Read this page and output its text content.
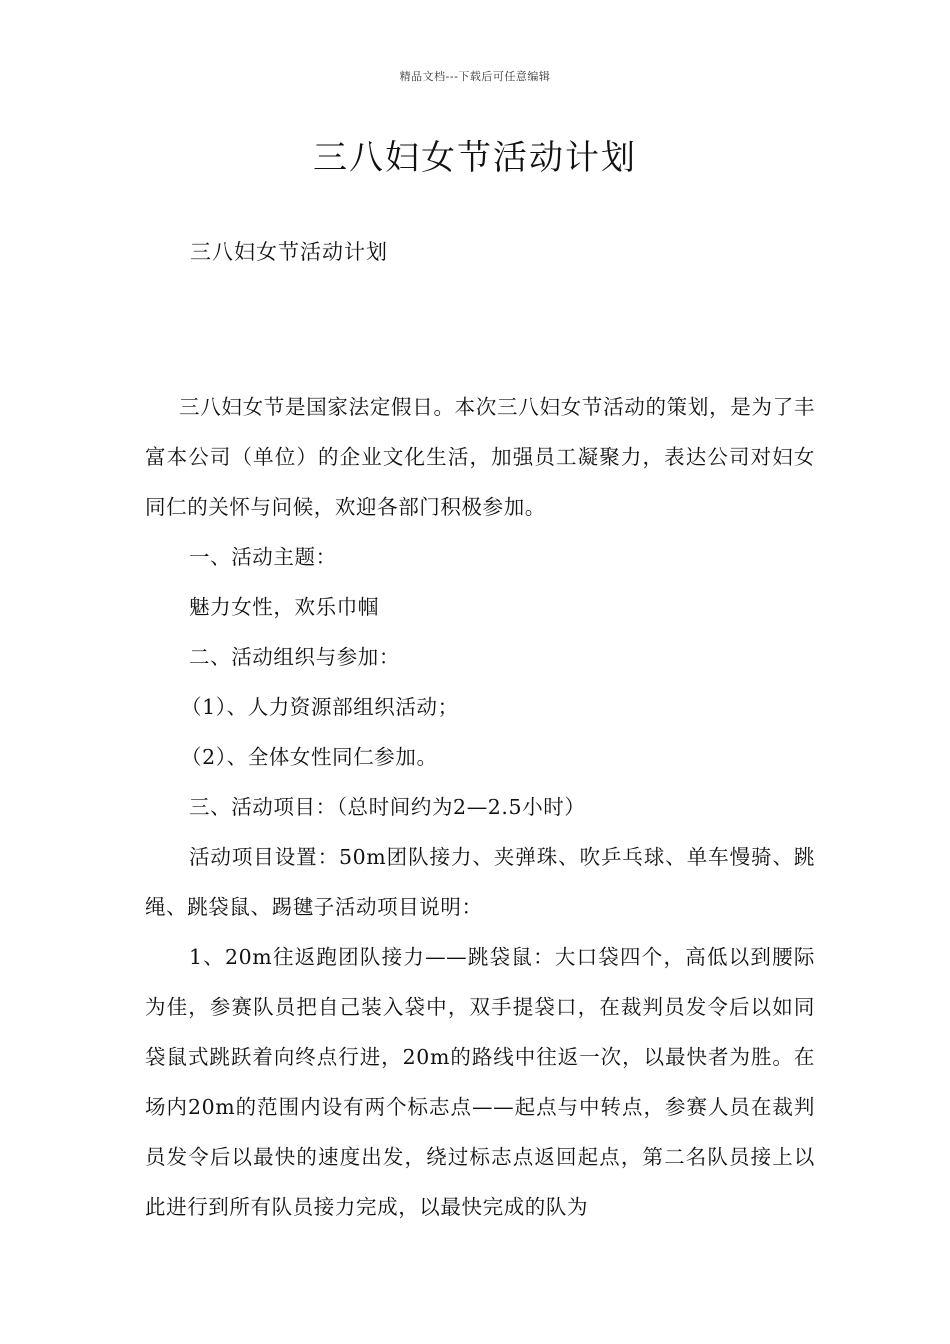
精品文档---下载后可任意编辑
三八妇女节活动计划
三八妇女节活动计划

三八妇女节是国家法定假日。本次三八妇女节活动的策划，是为了丰富本公司（单位）的企业文化生活，加强员工凝聚力，表达公司对妇女同仁的关怀与问候，欢迎各部门积极参加。

一、活动主题：

魅力女性，欢乐巾帼

二、活动组织与参加：

（1）、人力资源部组织活动；

（2）、全体女性同仁参加。

三、活动项目：（总时间约为2—2.5小时）

活动项目设置：50m团队接力、夹弹珠、吹乒乓球、单车慢骑、跳绳、跳袋鼠、踢毽子活动项目说明：

1、20m往返跑团队接力——跳袋鼠：大口袋四个，高低以到腰际为佳，参赛队员把自己装入袋中，双手提袋口，在裁判员发令后以如同袋鼠式跳跃着向终点行进，20m的路线中往返一次，以最快者为胜。在场内20m的范围内设有两个标志点——起点与中转点，参赛人员在裁判员发令后以最快的速度出发，绕过标志点返回起点，第二名队员接上以此进行到所有队员接力完成，以最快完成的队为
